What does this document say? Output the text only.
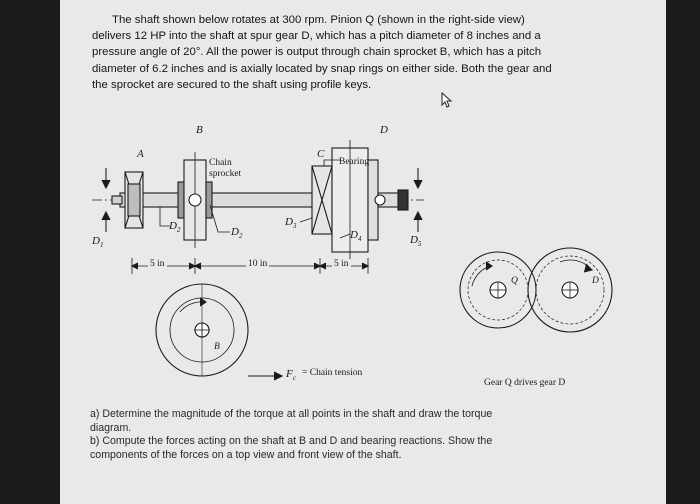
The shaft shown below rotates at 300 rpm. Pinion Q (shown in the right-side view)
delivers 12 HP into the shaft at spur gear D, which has a pitch diameter of 8 inches and a
pressure angle of 20°. All the power is output through chain sprocket B, which has a pitch
diameter of 6.2 inches and is axially located by snap rings on either side. Both the gear and
the sprocket are secured to the shaft using profile keys.
B	D
A	C
Chain
sprocket
Bearing
$D_1$
$D_2$	$D_2$
$D_3$
$D_4$	$D_5$
5 in	10 in	5 in
B
$F_c$
= Chain tension
Q	D
Gear Q drives gear D
a) Determine the magnitude of the torque at all points in the shaft and draw the torque
diagram.
b) Compute the forces acting on the shaft at B and D and bearing reactions. Show the
components of the forces on a top view and front view of the shaft.
